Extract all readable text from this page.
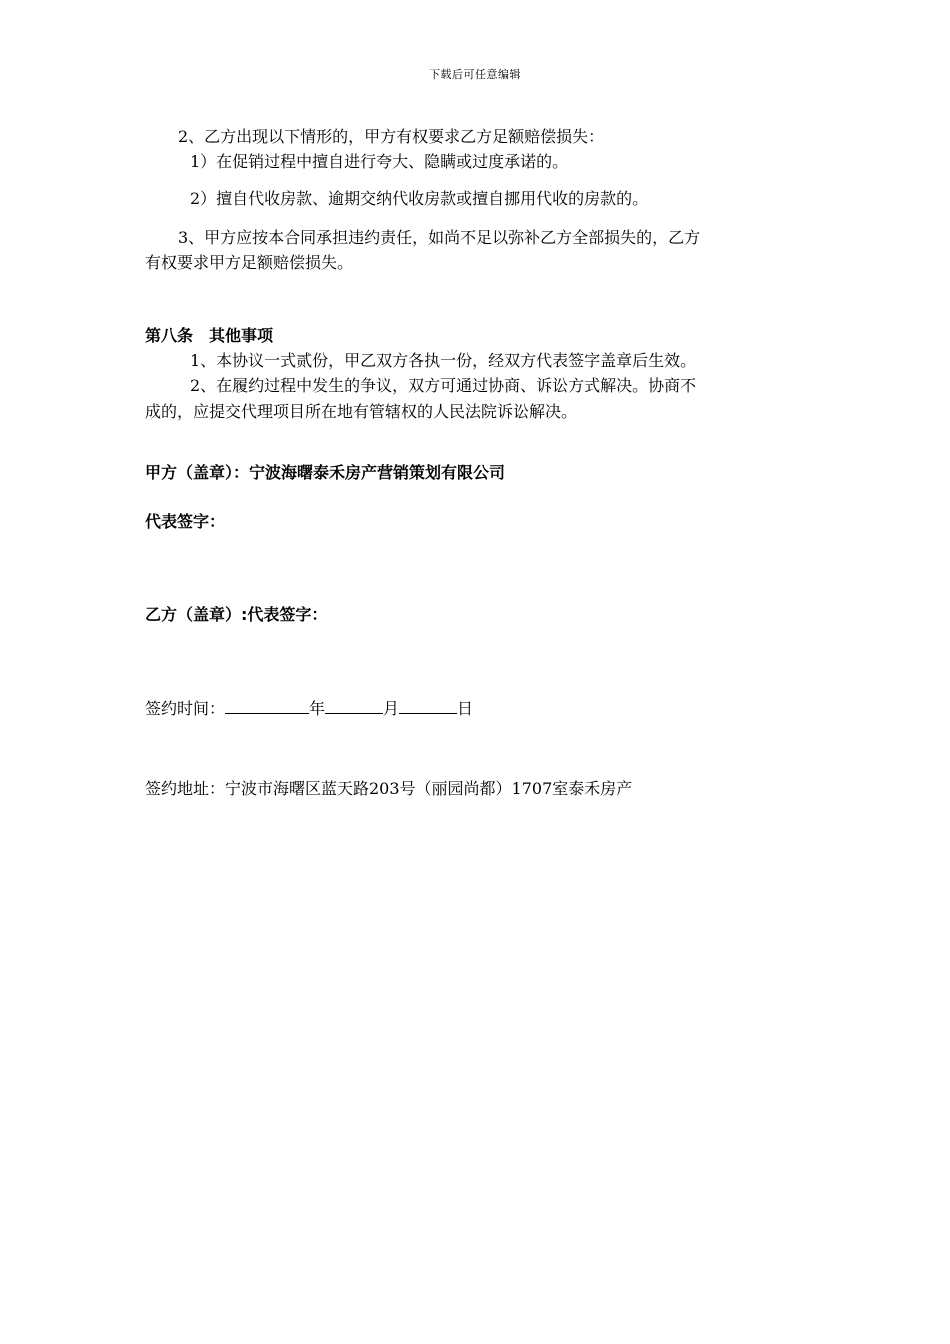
下载后可任意编辑
2、乙方出现以下情形的，甲方有权要求乙方足额赔偿损失：
1）在促销过程中擅自进行夸大、隐瞒或过度承诺的。
2）擅自代收房款、逾期交纳代收房款或擅自挪用代收的房款的。
3、甲方应按本合同承担违约责任，如尚不足以弥补乙方全部损失的，乙方
有权要求甲方足额赔偿损失。
第八条　其他事项
1、本协议一式贰份，甲乙双方各执一份，经双方代表签字盖章后生效。
2、在履约过程中发生的争议，双方可通过协商、诉讼方式解决。协商不
成的，应提交代理项目所在地有管辖权的人民法院诉讼解决。
甲方（盖章）：宁波海曙泰禾房产营销策划有限公司
代表签字：
乙方（盖章）:代表签字：
签约时间：	年	月	日
签约地址：宁波市海曙区蓝天路203号（丽园尚都）1707室泰禾房产
